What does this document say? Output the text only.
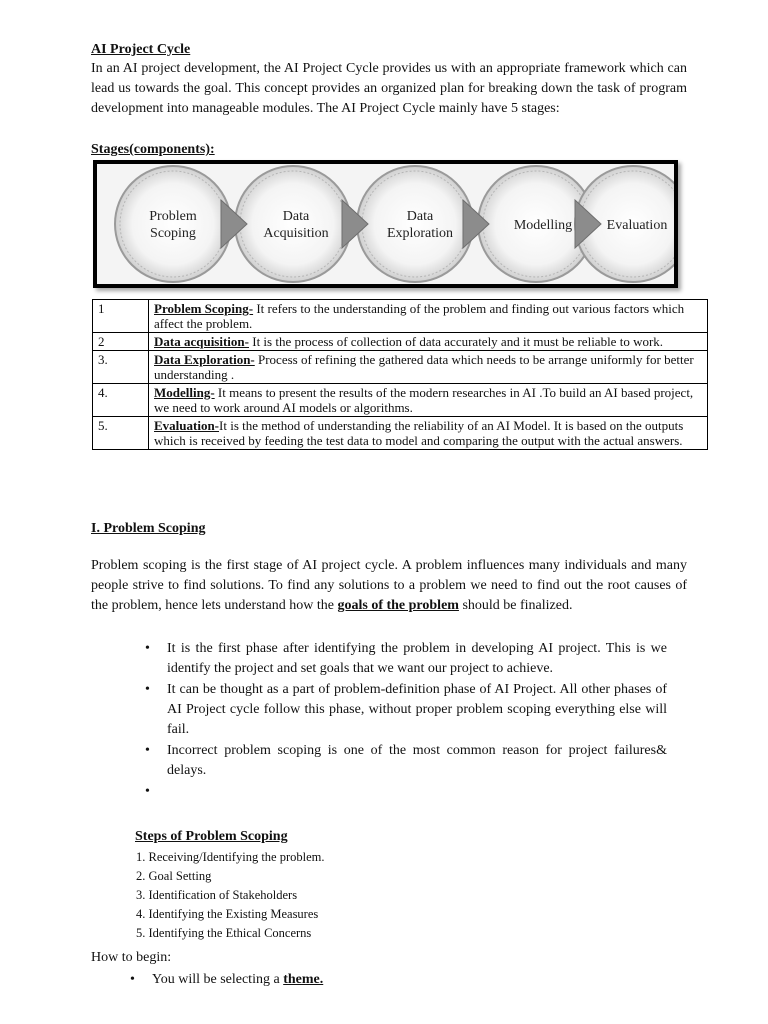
AI Project Cycle
In an AI project development, the AI Project Cycle provides us with an appropriate framework which can lead us towards the goal. This concept provides an organized plan for breaking down the task of program development into manageable modules. The AI Project Cycle mainly have 5 stages:
Stages(components):
Problem
Scoping
Data
Acquisition
Data
Exploration
Modelling Evaluation
1	Problem Scoping- It refers to the understanding of the problem and finding out various factors which affect the problem.
2	Data acquisition- It is the process of collection of data accurately and it must be reliable to work.
3.	Data Exploration- Process of refining the gathered data which needs to be arrange uniformly for better understanding .
4.	Modelling- It means to present the results of the modern researches in AI .To build an AI based project, we need to work around AI models or algorithms.
5.	Evaluation-It is the method of understanding the reliability of an AI Model. It is based on the outputs which is received by feeding the test data to model and comparing the output with the actual answers.
I. Problem Scoping
Problem scoping is the first stage of AI project cycle. A problem influences many individuals and many people strive to find solutions. To find any solutions to a problem we need to find out the root causes of the problem, hence lets understand how the goals of the problem should be finalized.
• It is the first phase after identifying the problem in developing AI project. This is we identify the project and set goals that we want our project to achieve.
• It can be thought as a part of problem-definition phase of AI Project. All other phases of AI Project cycle follow this phase, without proper problem scoping everything else will fail.
• Incorrect problem scoping is one of the most common reason for project failures& delays.
•
Steps of Problem Scoping
1. Receiving/Identifying the problem.
2. Goal Setting
3. Identification of Stakeholders
4. Identifying the Existing Measures
5. Identifying the Ethical Concerns
How to begin:
• You will be selecting a theme.
